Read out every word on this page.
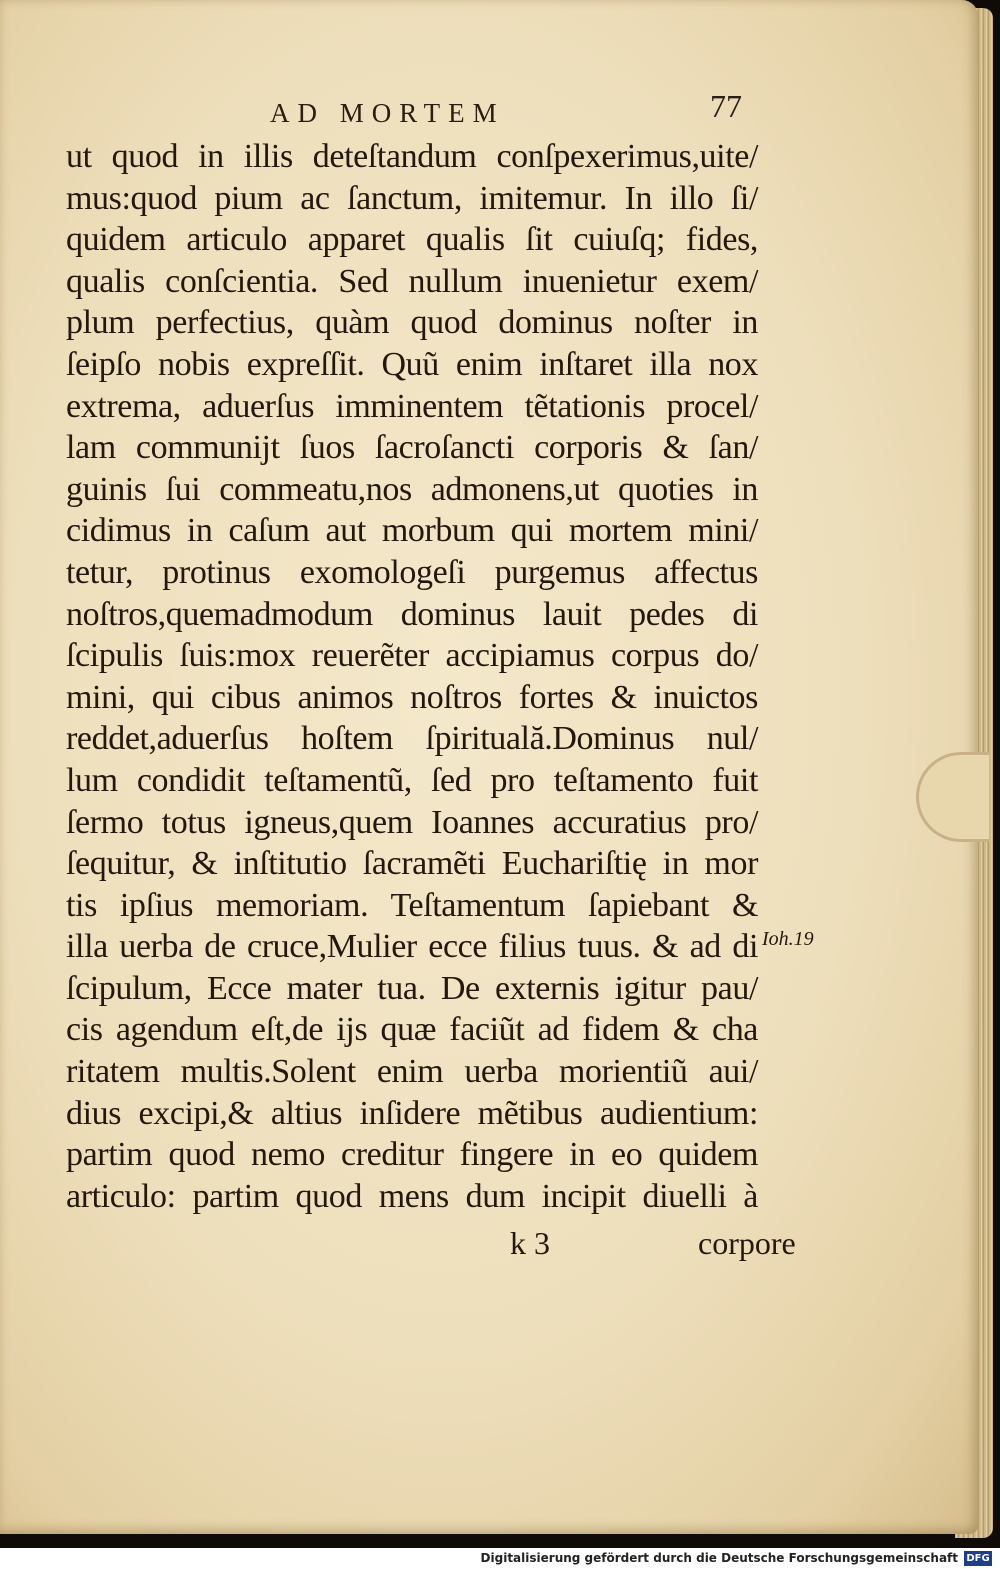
AD MORTEM	77
ut quod in illis deteſtandum conſpexerimus,uite/
mus:quod pium ac ſanctum, imitemur. In illo ſi/
quidem articulo apparet qualis ſit cuiuſq; fides,
qualis conſcientia. Sed nullum inuenietur exem/
plum perfectius, quàm quod dominus noſter in
ſeipſo nobis expreſſit. Quũ enim inſtaret illa nox
extrema, aduerſus imminentem tẽtationis procel/
lam communijt ſuos ſacroſancti corporis & ſan/
guinis ſui commeatu,nos admonens,ut quoties in
cidimus in caſum aut morbum qui mortem mini/
tetur, protinus exomologeſi purgemus affectus
noſtros,quemadmodum dominus lauit pedes di
ſcipulis ſuis:mox reuerẽter accipiamus corpus do/
mini, qui cibus animos noſtros fortes & inuictos
reddet,aduerſus hoſtem ſpirituală.Dominus nul/
lum condidit teſtamentũ, ſed pro teſtamento fuit
ſermo totus igneus,quem Ioannes accuratius pro/
ſequitur, & inſtitutio ſacramẽti Euchariſtię in mor
tis ipſius memoriam. Teſtamentum ſapiebant &
illa uerba de cruce,Mulier ecce filius tuus. & ad di
ſcipulum, Ecce mater tua. De externis igitur pau/
cis agendum eſt,de ijs quæ faciũt ad fidem & cha
ritatem multis.Solent enim uerba morientiũ aui/
dius excipi,& altius inſidere mẽtibus audientium:
partim quod nemo creditur fingere in eo quidem
articulo: partim quod mens dum incipit diuelli à
Ioh.19
k 3	corpore
Digitalisierung gefördert durch die Deutsche Forschungsgemeinschaft DFG
